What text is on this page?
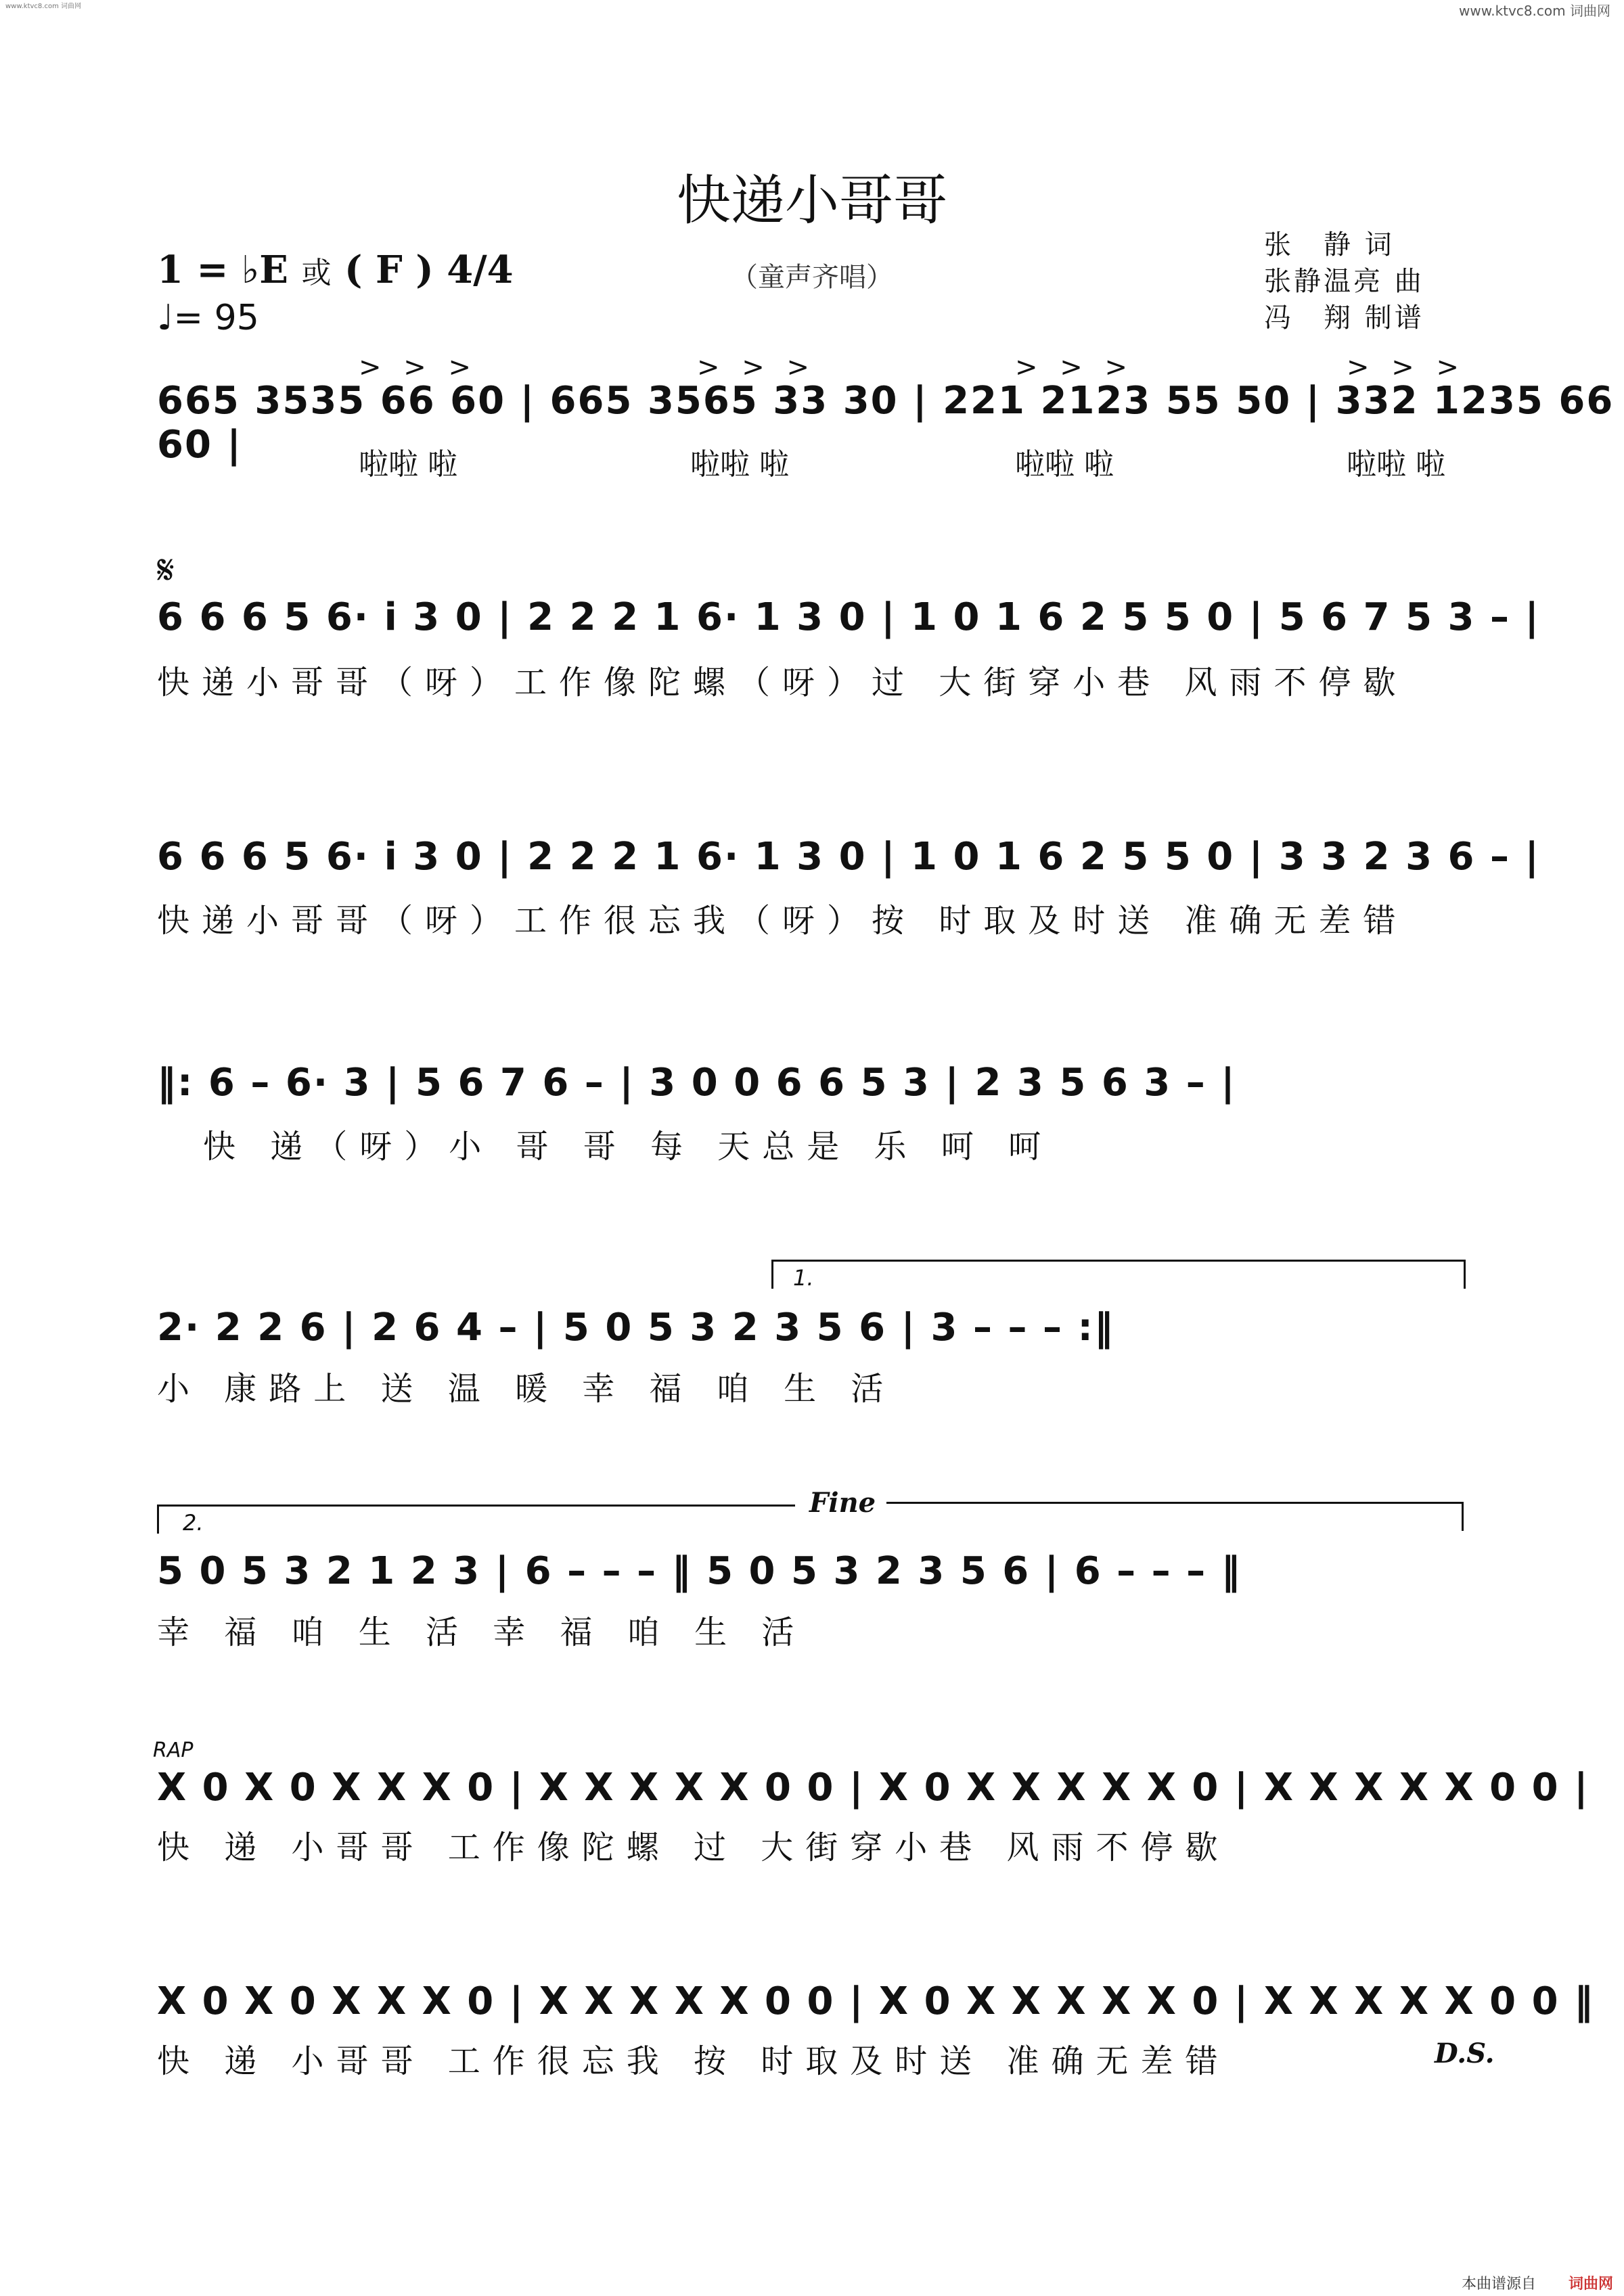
www.ktvc8.com 词曲网	www.ktvc8.com 词曲网
快递小哥哥
（童声齐唱）
1 = ♭E 或 ( F ) 4/4
♩= 95
张　静 词
张静温亮 曲
冯　翔 制谱
> > >	> > >	> > >	> > >
665 3535 66 60 | 665 3565 33 30 | 221 2123 55 50 | 332 1235 66 60 |	啦啦 啦	啦啦 啦	啦啦 啦	啦啦 啦
𝄋
6 6 6 5 6· i 3 0 | 2 2 2 1 6· 1 3 0 | 1 0 1 6 2 5 5 0 | 5 6 7 5 3 – |
快递小哥哥（呀）工作像陀螺（呀）过 大街穿小巷 风雨不停歇
6 6 6 5 6· i 3 0 | 2 2 2 1 6· 1 3 0 | 1 0 1 6 2 5 5 0 | 3 3 2 3 6 – |
快递小哥哥（呀）工作很忘我（呀）按 时取及时送 准确无差错
‖: 6 – 6· 3 | 5 6 7 6 – | 3 0 0 6 6 5 3 | 2 3 5 6 3 – |
快 递（呀）小 哥 哥 每 天总是 乐 呵 呵
1.
2· 2 2 6 | 2 6 4 – | 5 0 5 3 2 3 5 6 | 3 – – – :‖
小 康路上 送 温 暖 幸 福 咱 生 活
2.
Fine
5 0 5 3 2 1 2 3 | 6 – – – ‖ 5 0 5 3 2 3 5 6 | 6 – – – ‖
幸 福 咱 生 活 幸 福 咱 生 活
RAP
X 0 X 0 X X X 0 | X X X X X 0 0 | X 0 X X X X X 0 | X X X X X 0 0 |
快 递 小哥哥 工作像陀螺 过 大街穿小巷 风雨不停歇
X 0 X 0 X X X 0 | X X X X X 0 0 | X 0 X X X X X 0 | X X X X X 0 0 ‖
快 递 小哥哥 工作很忘我 按 时取及时送 准确无差错	D.S.
本曲谱源自 词曲网
